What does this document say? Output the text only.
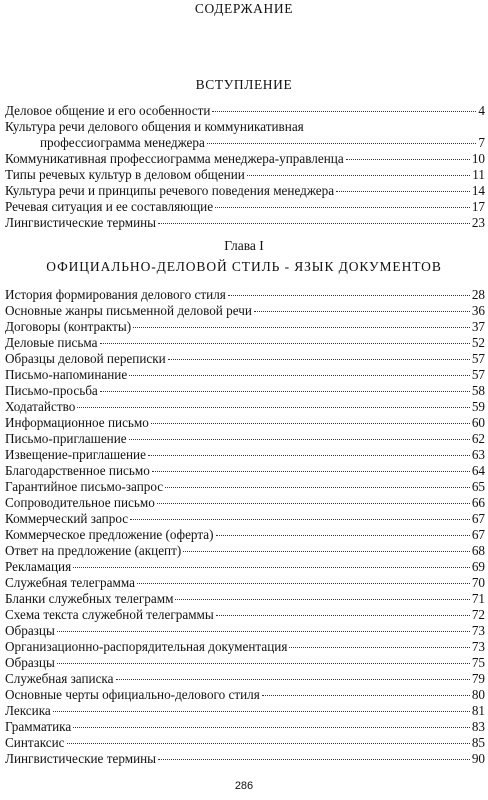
СОДЕРЖАНИЕ
ВСТУПЛЕНИЕ
Деловое общение и его особенности	4
Культура речи делового общения и коммуникативная
профессиограмма менеджера	7
Коммуникативная профессиограмма менеджера-управленца	10
Типы речевых культур в деловом общении	11
Культура речи и принципы речевого поведения менеджера	14
Речевая ситуация и ее составляющие	17
Лингвистические термины	23
Глава I
ОФИЦИАЛЬНО-ДЕЛОВОЙ СТИЛЬ - ЯЗЫК ДОКУМЕНТОВ
История формирования делового стиля	28
Основные жанры письменной деловой речи	36
Договоры (контракты)	37
Деловые письма	52
Образцы деловой переписки	57
Письмо-напоминание	57
Письмо-просьба	58
Ходатайство	59
Информационное письмо	60
Письмо-приглашение	62
Извещение-приглашение	63
Благодарственное письмо	64
Гарантийное письмо-запрос	65
Сопроводительное письмо	66
Коммерческий запрос	67
Коммерческое предложение (оферта)	67
Ответ на предложение (акцепт)	68
Рекламация	69
Служебная телеграмма	70
Бланки служебных телеграмм	71
Схема текста служебной телеграммы	72
Образцы	73
Организационно-распорядительная документация	73
Образцы	75
Служебная записка	79
Основные черты официально-делового стиля	80
Лексика	81
Грамматика	83
Синтаксис	85
Лингвистические термины	90
286
